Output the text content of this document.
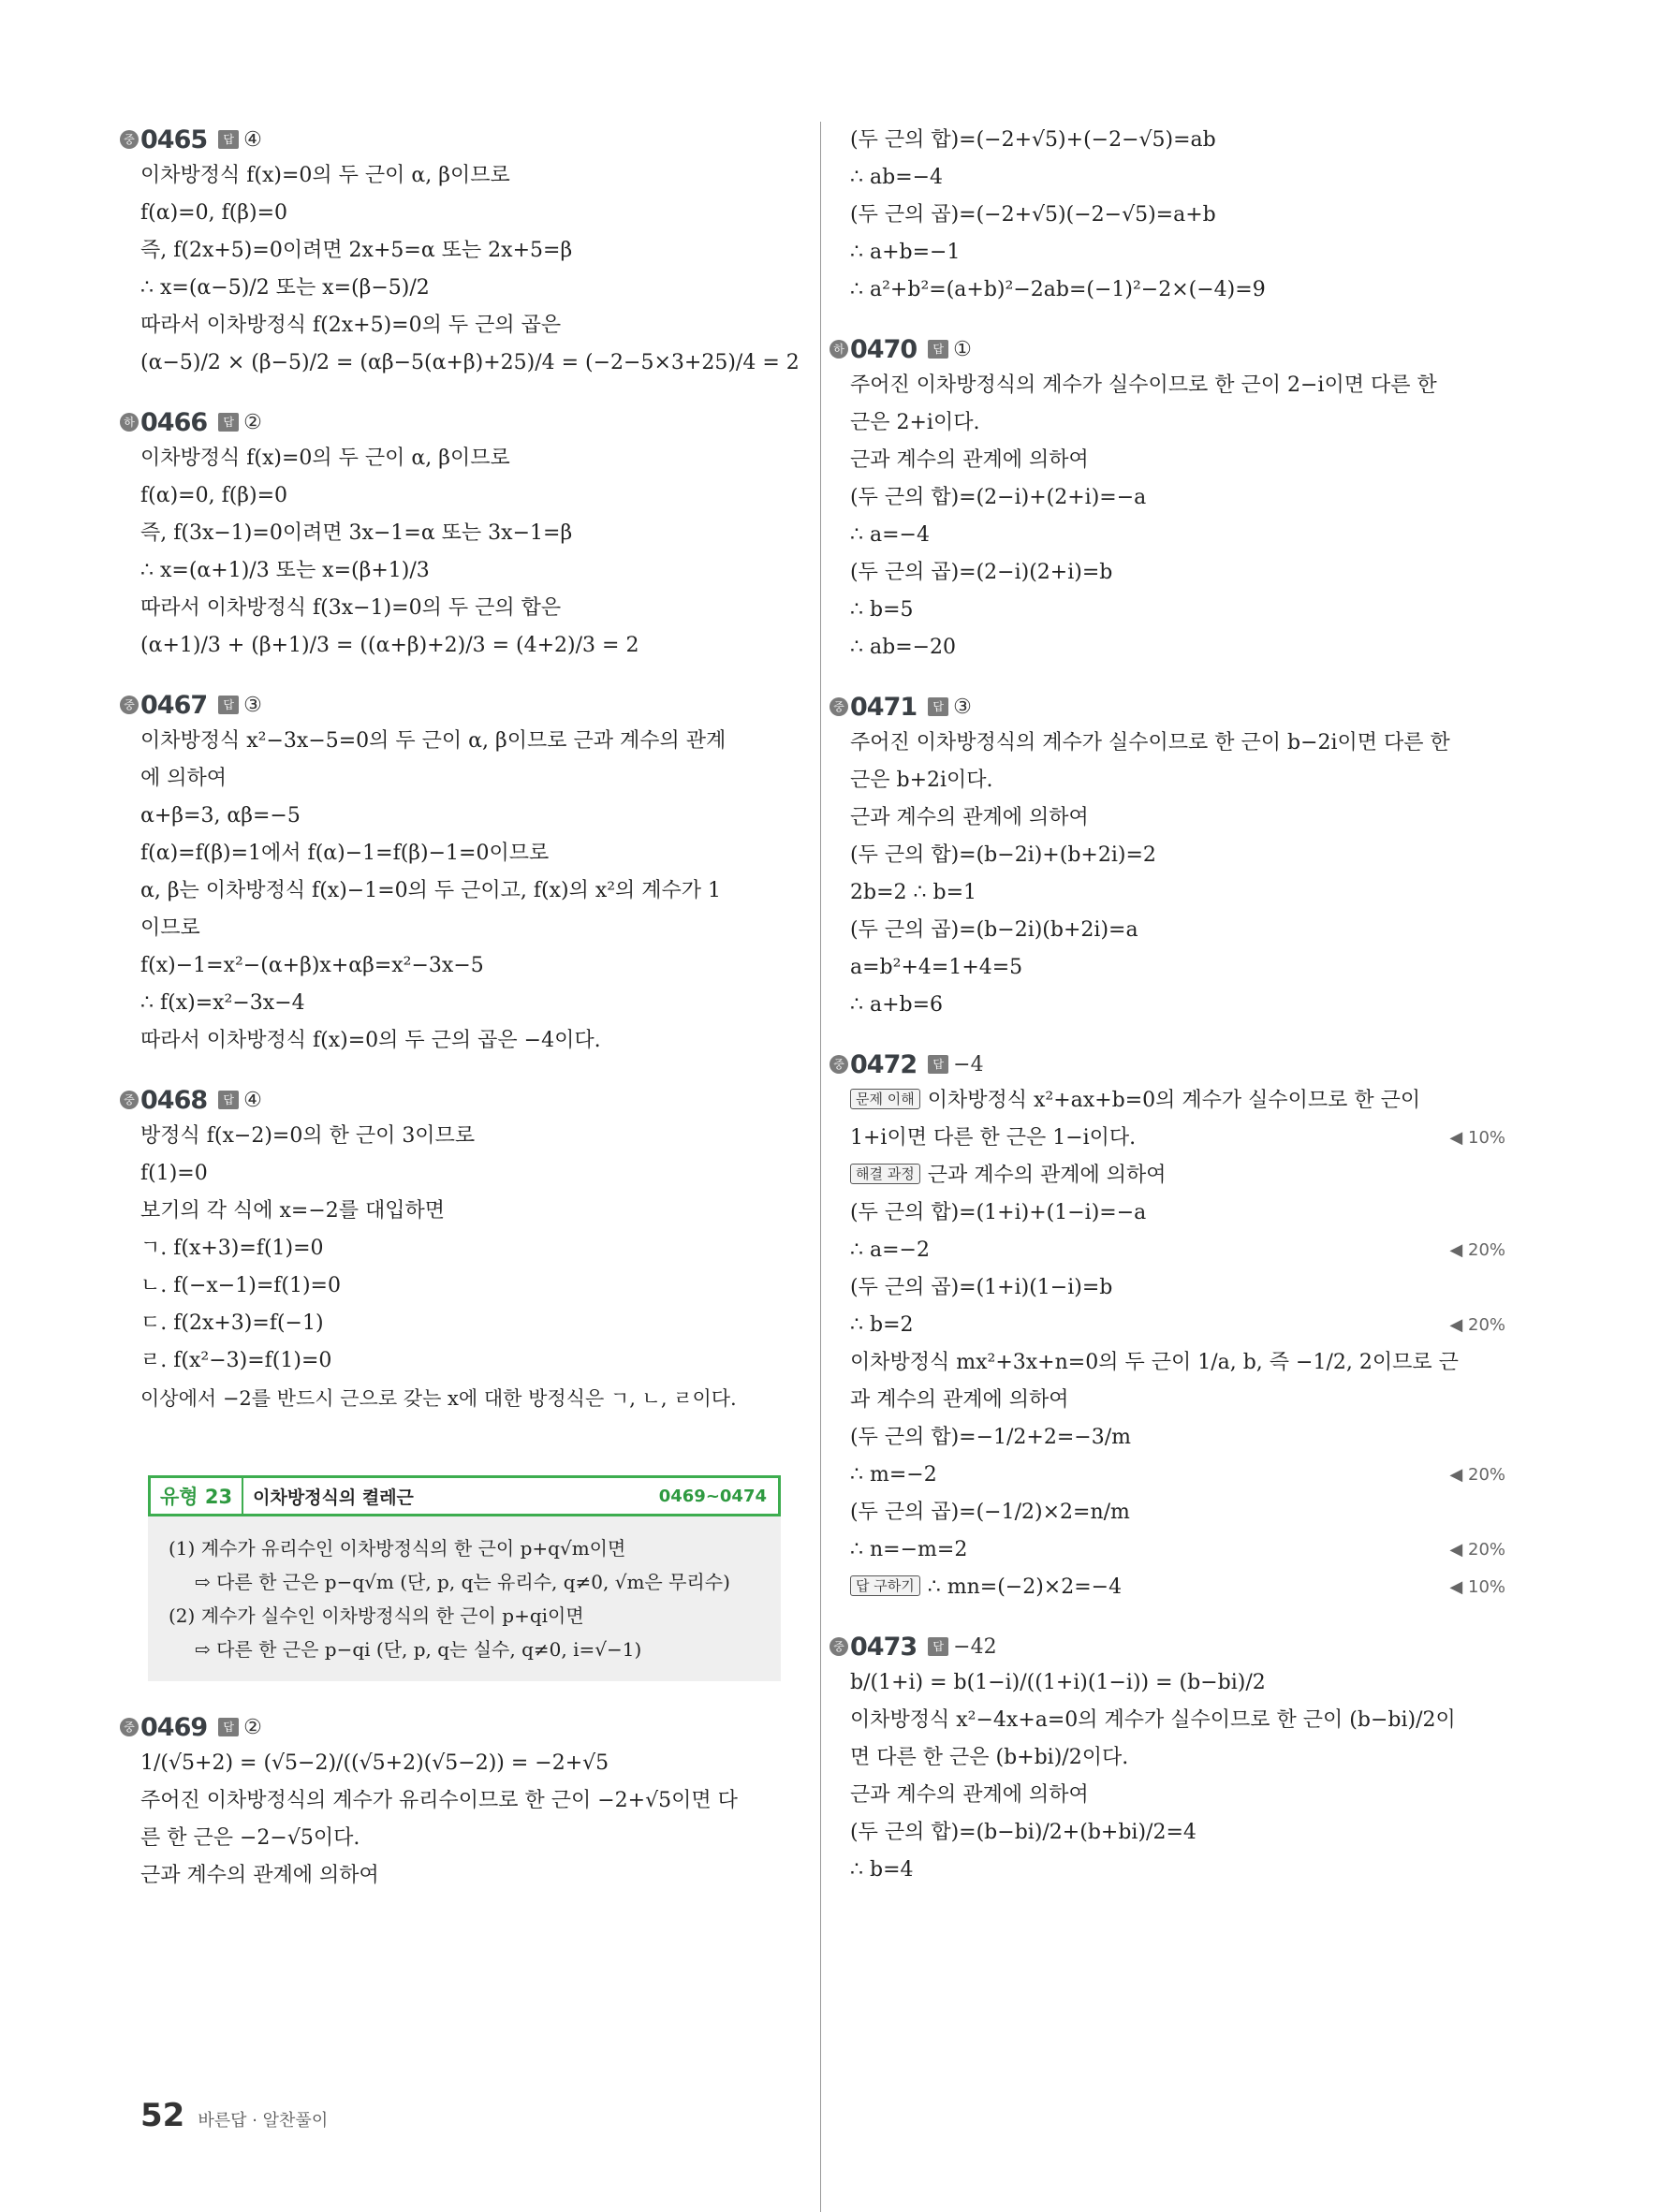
중 0465	답 ④
이차방정식 f(x)=0의 두 근이 α, β이므로
f(α)=0, f(β)=0
즉, f(2x+5)=0이려면 2x+5=α 또는 2x+5=β
∴ x=(α−5)/2 또는 x=(β−5)/2
따라서 이차방정식 f(2x+5)=0의 두 근의 곱은
(α−5)/2 × (β−5)/2 = (αβ−5(α+β)+25)/4 = (−2−5×3+25)/4 = 2
하 0466	답 ②
이차방정식 f(x)=0의 두 근이 α, β이므로
f(α)=0, f(β)=0
즉, f(3x−1)=0이려면 3x−1=α 또는 3x−1=β
∴ x=(α+1)/3 또는 x=(β+1)/3
따라서 이차방정식 f(3x−1)=0의 두 근의 합은
(α+1)/3 + (β+1)/3 = ((α+β)+2)/3 = (4+2)/3 = 2
중 0467	답 ③
이차방정식 x²−3x−5=0의 두 근이 α, β이므로 근과 계수의 관계
에 의하여
α+β=3, αβ=−5
f(α)=f(β)=1에서 f(α)−1=f(β)−1=0이므로
α, β는 이차방정식 f(x)−1=0의 두 근이고, f(x)의 x²의 계수가 1
이므로
f(x)−1=x²−(α+β)x+αβ=x²−3x−5
∴ f(x)=x²−3x−4
따라서 이차방정식 f(x)=0의 두 근의 곱은 −4이다.
중 0468	답 ④
방정식 f(x−2)=0의 한 근이 3이므로
f(1)=0
보기의 각 식에 x=−2를 대입하면
ㄱ. f(x+3)=f(1)=0
ㄴ. f(−x−1)=f(1)=0
ㄷ. f(2x+3)=f(−1)
ㄹ. f(x²−3)=f(1)=0
이상에서 −2를 반드시 근으로 갖는 x에 대한 방정식은 ㄱ, ㄴ, ㄹ이다.
유형 23	이차방정식의 켤레근	0469~0474
(1) 계수가 유리수인 이차방정식의 한 근이 p+q√m이면
⇨ 다른 한 근은 p−q√m (단, p, q는 유리수, q≠0, √m은 무리수)
(2) 계수가 실수인 이차방정식의 한 근이 p+qi이면
⇨ 다른 한 근은 p−qi (단, p, q는 실수, q≠0, i=√−1)
중 0469	답 ②
1/(√5+2) = (√5−2)/((√5+2)(√5−2)) = −2+√5
주어진 이차방정식의 계수가 유리수이므로 한 근이 −2+√5이면 다
른 한 근은 −2−√5이다.
근과 계수의 관계에 의하여
(두 근의 합)=(−2+√5)+(−2−√5)=ab
∴ ab=−4
(두 근의 곱)=(−2+√5)(−2−√5)=a+b
∴ a+b=−1
∴ a²+b²=(a+b)²−2ab=(−1)²−2×(−4)=9
하 0470	답 ①
주어진 이차방정식의 계수가 실수이므로 한 근이 2−i이면 다른 한
근은 2+i이다.
근과 계수의 관계에 의하여
(두 근의 합)=(2−i)+(2+i)=−a
∴ a=−4
(두 근의 곱)=(2−i)(2+i)=b
∴ b=5
∴ ab=−20
중 0471	답 ③
주어진 이차방정식의 계수가 실수이므로 한 근이 b−2i이면 다른 한
근은 b+2i이다.
근과 계수의 관계에 의하여
(두 근의 합)=(b−2i)+(b+2i)=2
2b=2 ∴ b=1
(두 근의 곱)=(b−2i)(b+2i)=a
a=b²+4=1+4=5
∴ a+b=6
중 0472	답 −4
문제 이해 이차방정식 x²+ax+b=0의 계수가 실수이므로 한 근이
1+i이면 다른 한 근은 1−i이다.	◀ 10%
해결 과정 근과 계수의 관계에 의하여
(두 근의 합)=(1+i)+(1−i)=−a
∴ a=−2	◀ 20%
(두 근의 곱)=(1+i)(1−i)=b
∴ b=2	◀ 20%
이차방정식 mx²+3x+n=0의 두 근이 1/a, b, 즉 −1/2, 2이므로 근
과 계수의 관계에 의하여
(두 근의 합)=−1/2+2=−3/m
∴ m=−2	◀ 20%
(두 근의 곱)=(−1/2)×2=n/m
∴ n=−m=2	◀ 20%
답 구하기 ∴ mn=(−2)×2=−4	◀ 10%
중 0473	답 −42
b/(1+i) = b(1−i)/((1+i)(1−i)) = (b−bi)/2
이차방정식 x²−4x+a=0의 계수가 실수이므로 한 근이 (b−bi)/2이
면 다른 한 근은 (b+bi)/2이다.
근과 계수의 관계에 의하여
(두 근의 합)=(b−bi)/2+(b+bi)/2=4
∴ b=4
52 바른답 · 알찬풀이
